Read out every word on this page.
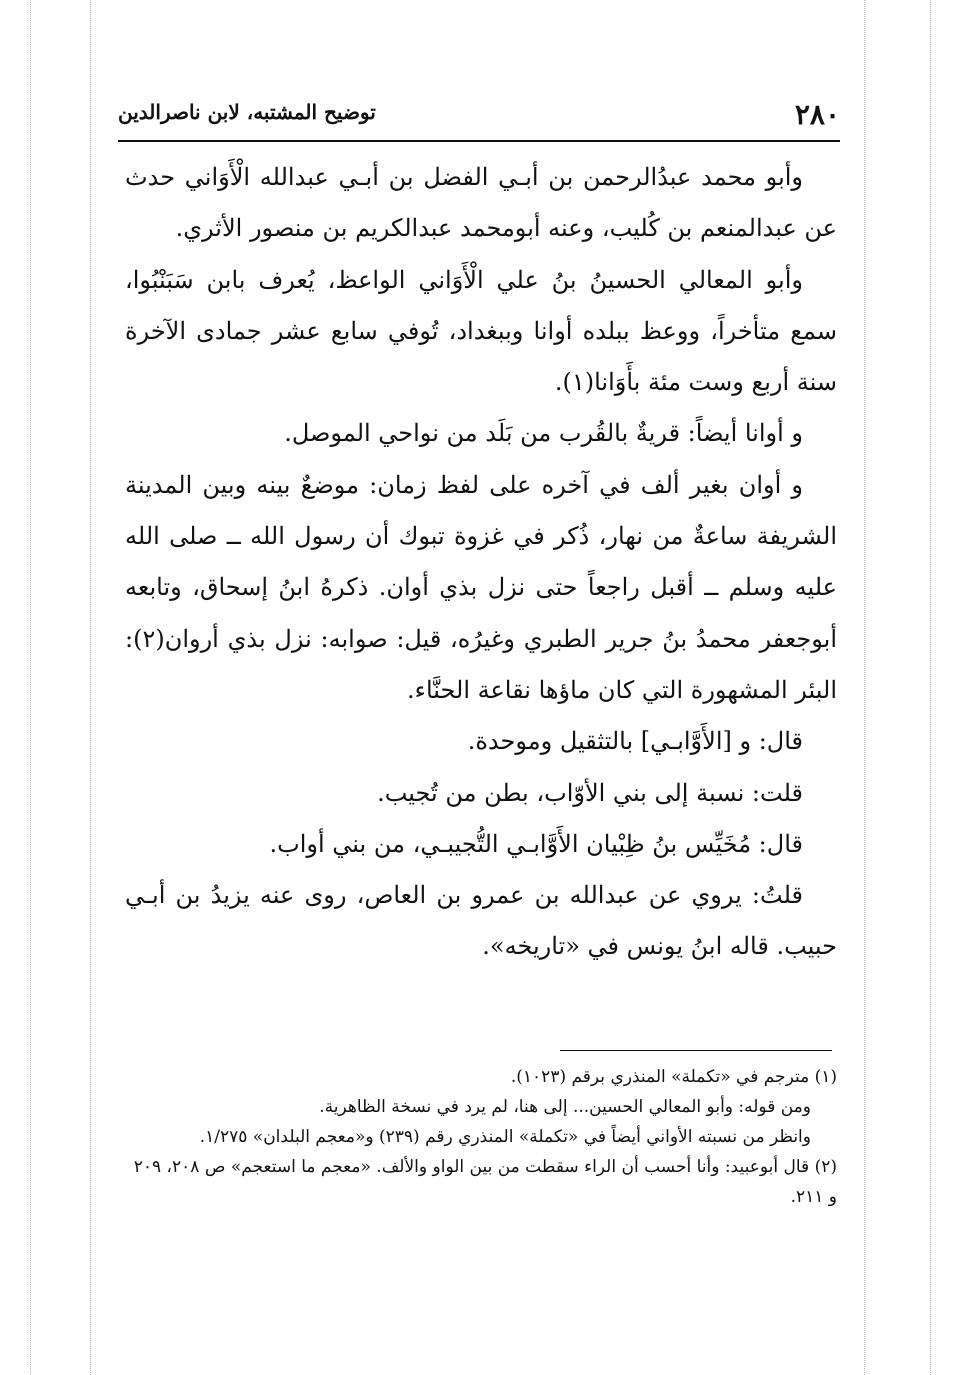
٢٨٠
توضيح المشتبه، لابن ناصرالدين

وأبو محمد عبدُالرحمن بن أبـي الفضل بن أبـي عبدالله الْأَوَاني حدث عن عبدالمنعم بن كُليب، وعنه أبومحمد عبدالكريم بن منصور الأثري.

وأبو المعالي الحسينُ بنُ علي الْأَوَاني الواعظ، يُعرف بابن سَبَنْبُوا، سمع متأخراً، ووعظ ببلده أوانا وببغداد، تُوفي سابع عشر جمادى الآخرة سنة أربع وست مئة بأَوَانا(١).

و أوانا أيضاً: قريةٌ بالقُرب من بَلَد من نواحي الموصل.

و أوان بغير ألف في آخره على لفظ زمان: موضعٌ بينه وبين المدينة الشريفة ساعةٌ من نهار، ذُكر في غزوة تبوك أن رسول الله ــ صلى الله عليه وسلم ــ أقبل راجعاً حتى نزل بذي أوان. ذكرهُ ابنُ إسحاق، وتابعه أبوجعفر محمدُ بنُ جرير الطبري وغيرُه، قيل: صوابه: نزل بذي أروان(٢): البئر المشهورة التي كان ماؤها نقاعة الحنَّاء.

قال: و [الأَوَّابـي] بالتثقيل وموحدة.

قلت: نسبة إلى بني الأوّاب، بطن من تُجيب.

قال: مُخَيِّس بنُ ظِبْيان الأَوَّابـي التُّجيبـي، من بني أواب.

قلتُ: يروي عن عبدالله بن عمرو بن العاص، روى عنه يزيدُ بن أبـي حبيب. قاله ابنُ يونس في «تاريخه».

(١) مترجم في «تكملة» المنذري برقم (١٠٢٣).

ومن قوله: وأبو المعالي الحسين... إلى هنا، لم يرد في نسخة الظاهرية.

وانظر من نسبته الأواني أيضاً في «تكملة» المنذري رقم (٢٣٩) و«معجم البلدان» ١/٢٧٥.

(٢) قال أبوعبيد: وأنا أحسب أن الراء سقطت من بين الواو والألف. «معجم ما استعجم» ص ٢٠٨، ٢٠٩ و ٢١١.
